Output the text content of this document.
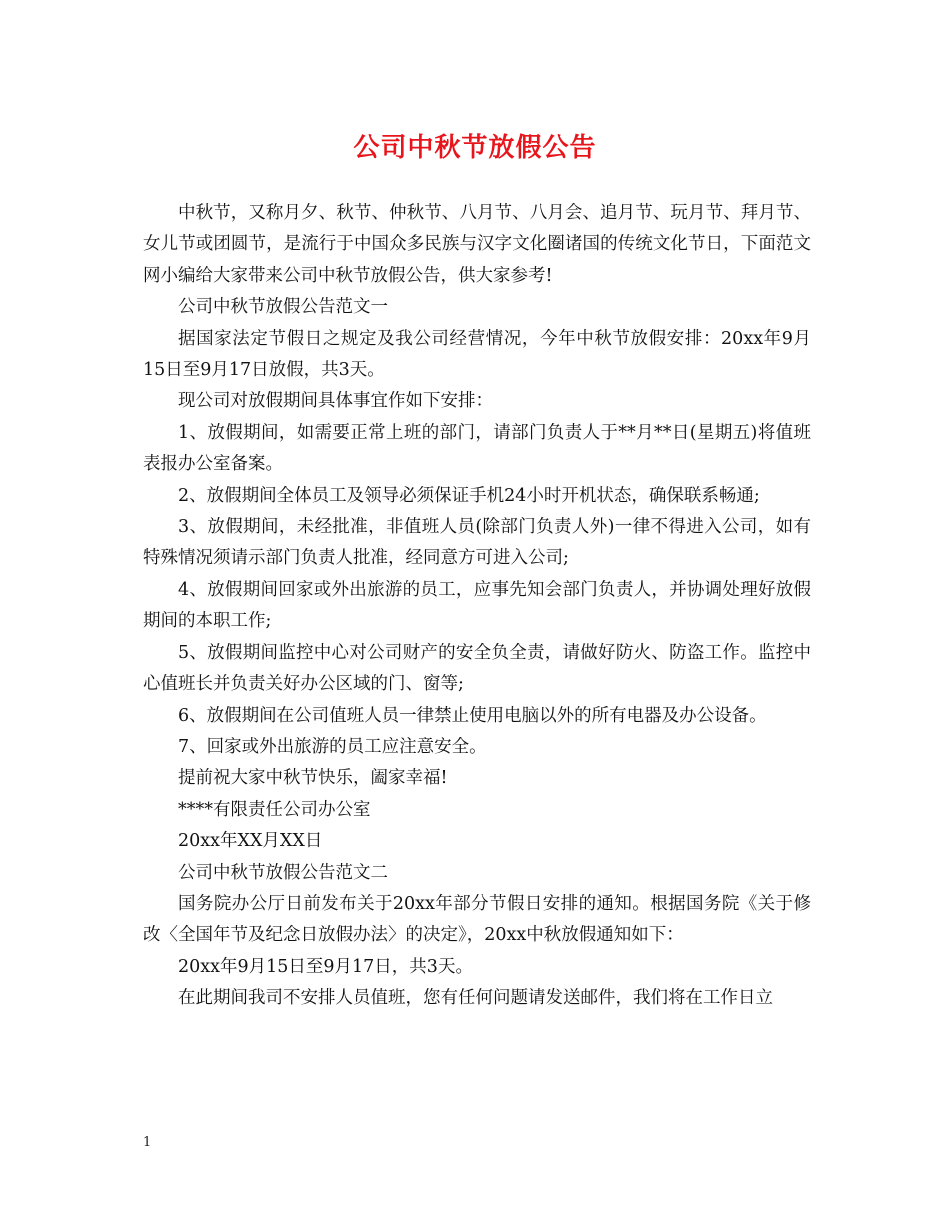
公司中秋节放假公告

中秋节，又称月夕、秋节、仲秋节、八月节、八月会、追月节、玩月节、拜月节、女儿节或团圆节，是流行于中国众多民族与汉字文化圈诸国的传统文化节日，下面范文网小编给大家带来公司中秋节放假公告，供大家参考!

公司中秋节放假公告范文一

据国家法定节假日之规定及我公司经营情况，今年中秋节放假安排：20xx年9月15日至9月17日放假，共3天。

现公司对放假期间具体事宜作如下安排：

1、放假期间，如需要正常上班的部门，请部门负责人于**月**日(星期五)将值班表报办公室备案。

2、放假期间全体员工及领导必须保证手机24小时开机状态，确保联系畅通;

3、放假期间，未经批准，非值班人员(除部门负责人外)一律不得进入公司，如有特殊情况须请示部门负责人批准，经同意方可进入公司;

4、放假期间回家或外出旅游的员工，应事先知会部门负责人，并协调处理好放假期间的本职工作;

5、放假期间监控中心对公司财产的安全负全责，请做好防火、防盗工作。监控中心值班长并负责关好办公区域的门、窗等;

6、放假期间在公司值班人员一律禁止使用电脑以外的所有电器及办公设备。

7、回家或外出旅游的员工应注意安全。

提前祝大家中秋节快乐，阖家幸福!

****有限责任公司办公室

20xx年XX月XX日

公司中秋节放假公告范文二

国务院办公厅日前发布关于20xx年部分节假日安排的通知。根据国务院《关于修改〈全国年节及纪念日放假办法〉的决定》，20xx中秋放假通知如下：

20xx年9月15日至9月17日，共3天。

在此期间我司不安排人员值班，您有任何问题请发送邮件，我们将在工作日立

1
